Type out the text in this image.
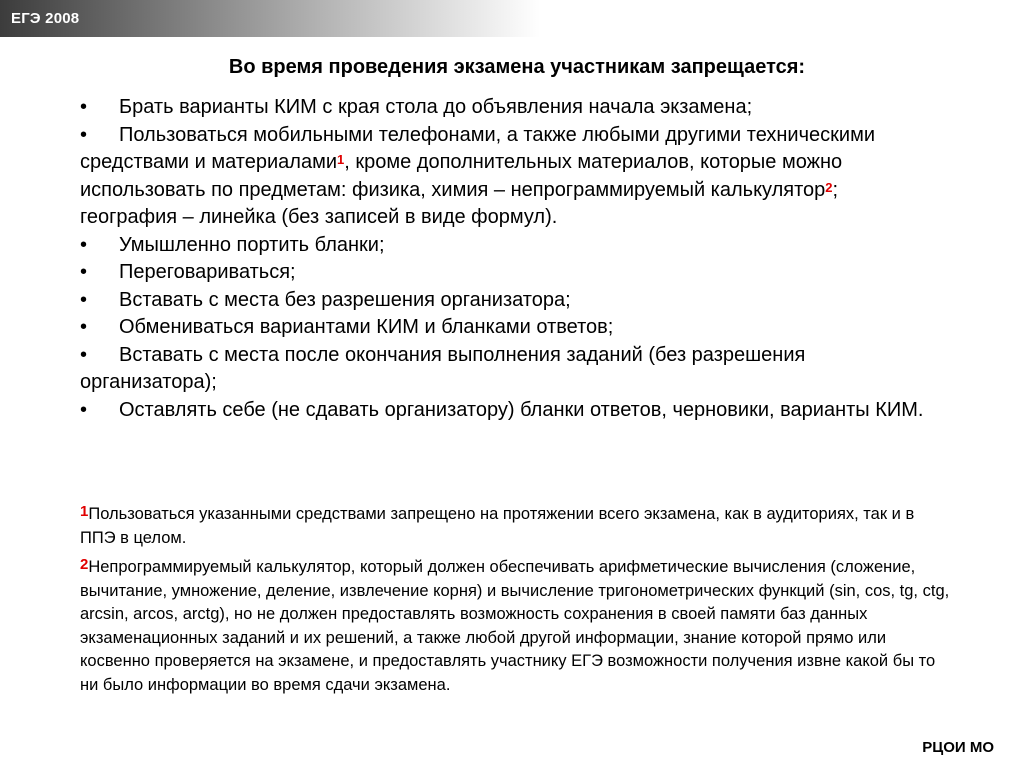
ЕГЭ 2008
Во время проведения экзамена участникам запрещается:

• Брать варианты КИМ с края стола до объявления начала экзамена;

• Пользоваться мобильными телефонами, а также любыми другими техническими средствами и материалами$^1$, кроме дополнительных материалов, которые можно использовать по предметам: физика, химия – непрограммируемый калькулятор$^2$; география – линейка (без записей в виде формул).

• Умышленно портить бланки;

• Переговариваться;

• Вставать с места без разрешения организатора;

• Обмениваться вариантами КИМ и бланками ответов;

• Вставать с места после окончания выполнения заданий (без разрешения организатора);

• Оставлять себе (не сдавать организатору) бланки ответов, черновики, варианты КИМ.

1Пользоваться указанными средствами запрещено на протяжении всего экзамена, как в аудиториях, так и в ППЭ в целом.

2Непрограммируемый калькулятор, который должен обеспечивать арифметические вычисления (сложение, вычитание, умножение, деление, извлечение корня) и вычисление тригонометрических функций (sin, cos, tg, ctg, arcsin, arcos, arctg), но не должен предоставлять возможность сохранения в своей памяти баз данных экзаменационных заданий и их решений, а также любой другой информации, знание которой прямо или косвенно проверяется на экзамене, и предоставлять участнику ЕГЭ возможности получения извне какой бы то ни было информации во время сдачи экзамена.

РЦОИ МО
